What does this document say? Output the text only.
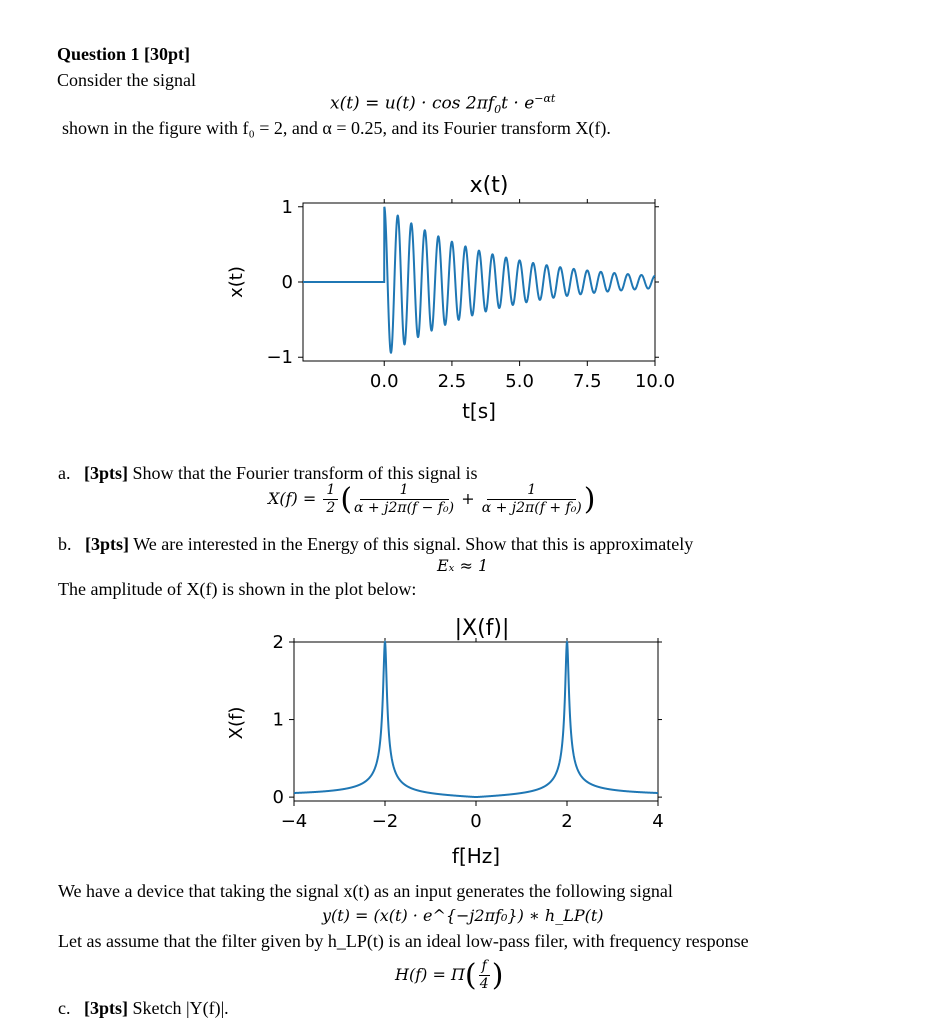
Question 1 [30pt]
Consider the signal
$x(t) = u(t) \cdot \cos 2\pi f_0t \cdot e^{-\alpha t}$
shown in the figure with f₀ = 2, and α = 0.25, and its Fourier transform X(f).
x(t)
0.0 2.5 5.0 7.5 10.0
1
0
−1
t[s]
x(t)
a. [3pts] Show that the Fourier transform of this signal is
$X(f) = \frac{1}{2}$ ( $\frac{1}{\text{α + j2π(f − f₀)}} + \frac{1}{\text{α + j2π(f + f₀)}}$ )
b. [3pts] We are interested in the Energy of this signal. Show that this is approximately
Eₓ ≈ 1
The amplitude of X(f) is shown in the plot below:
|X(f)|
−4	−2	0	2	4
2
1
0
f[Hz]
X(f)
We have a device that taking the signal x(t) as an input generates the following signal
y(t) = (x(t) · e^{−j2πf₀}) ∗ h_LP(t)
Let as assume that the filter given by h_LP(t) is an ideal low-pass filer, with frequency response
$H(f) = \Pi( \frac{f}{4}$ )
c. [3pts] Sketch |Y(f)|.
